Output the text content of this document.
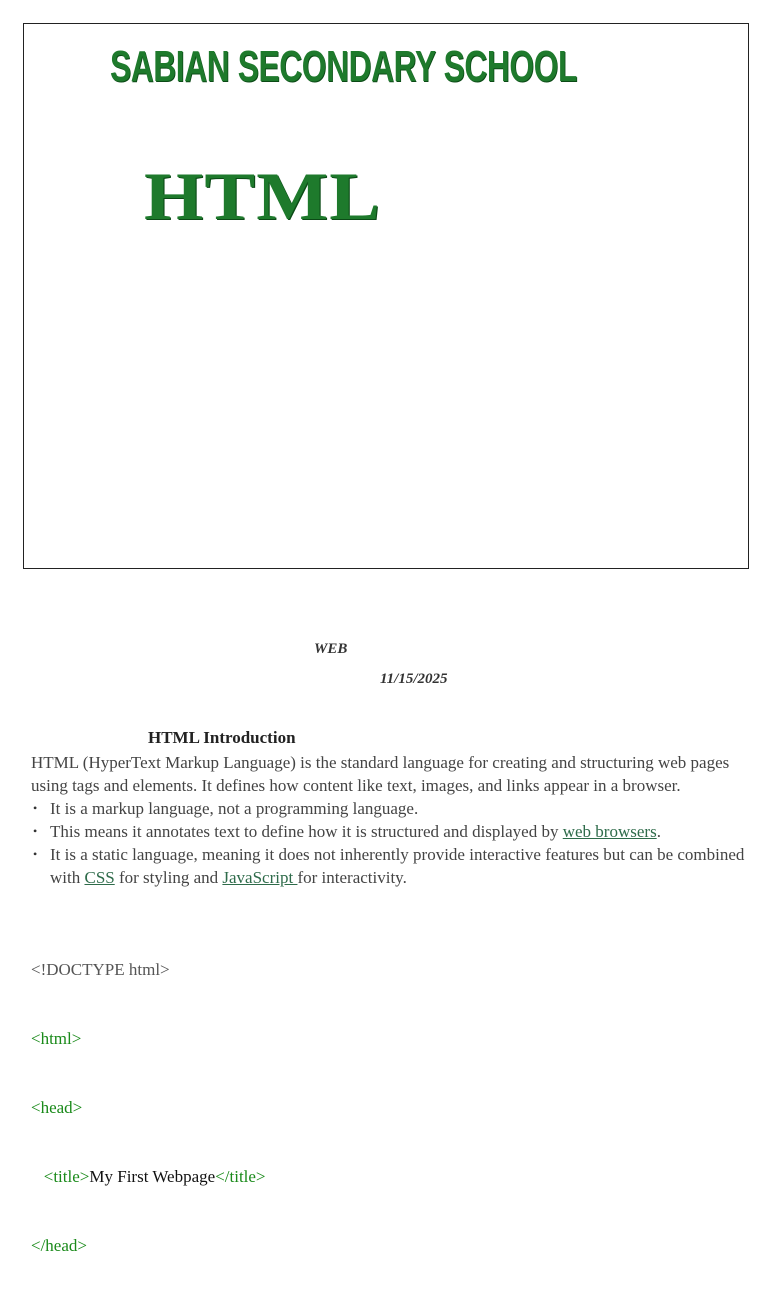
SABIAN SECONDARY SCHOOL
HTML
WEB
11/15/2025
HTML Introduction

HTML (HyperText Markup Language) is the standard language for creating and structuring web pages using tags and elements. It defines how content like text, images, and links appear in a browser.

• It is a markup language, not a programming language.
• This means it annotates text to define how it is structured and displayed by web browsers.
• It is a static language, meaning it does not inherently provide interactive features but can be combined with CSS for styling and JavaScript for interactivity.

<!DOCTYPE html>

<html>

<head>

<title>My First Webpage</title>

</head>
